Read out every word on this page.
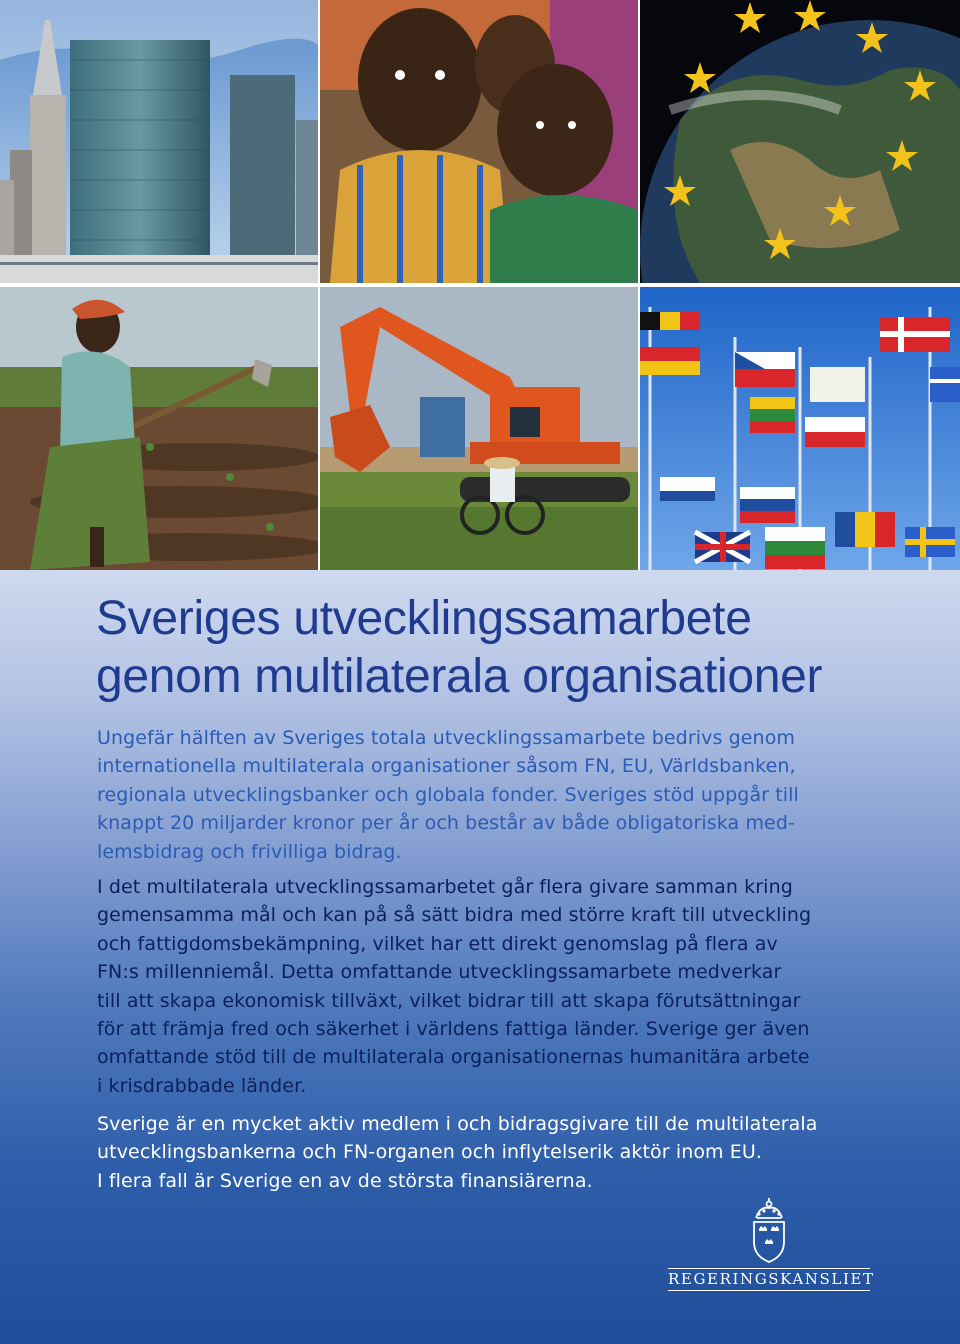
Sveriges utvecklingssamarbete
genom multilaterala organisationer

Ungefär hälften av Sveriges totala utvecklingssamarbete bedrivs genom
internationella multilaterala organisationer såsom FN, EU, Världsbanken,
regionala utvecklingsbanker och globala fonder. Sveriges stöd uppgår till
knappt 20 miljarder kronor per år och består av både obligatoriska med-
lemsbidrag och frivilliga bidrag.

I det multilaterala utvecklingssamarbetet går flera givare samman kring
gemensamma mål och kan på så sätt bidra med större kraft till utveckling
och fattigdomsbekämpning, vilket har ett direkt genomslag på flera av
FN:s millenniemål. Detta omfattande utvecklingssamarbete medverkar
till att skapa ekonomisk tillväxt, vilket bidrar till att skapa förutsättningar
för att främja fred och säkerhet i världens fattiga länder. Sverige ger även
omfattande stöd till de multilaterala organisationernas humanitära arbete
i krisdrabbade länder.

Sverige är en mycket aktiv medlem i och bidragsgivare till de multilaterala
utvecklingsbankerna och FN-organen och inflytelserik aktör inom EU.
I flera fall är Sverige en av de största finansiärerna.

REGERINGSKANSLIET
